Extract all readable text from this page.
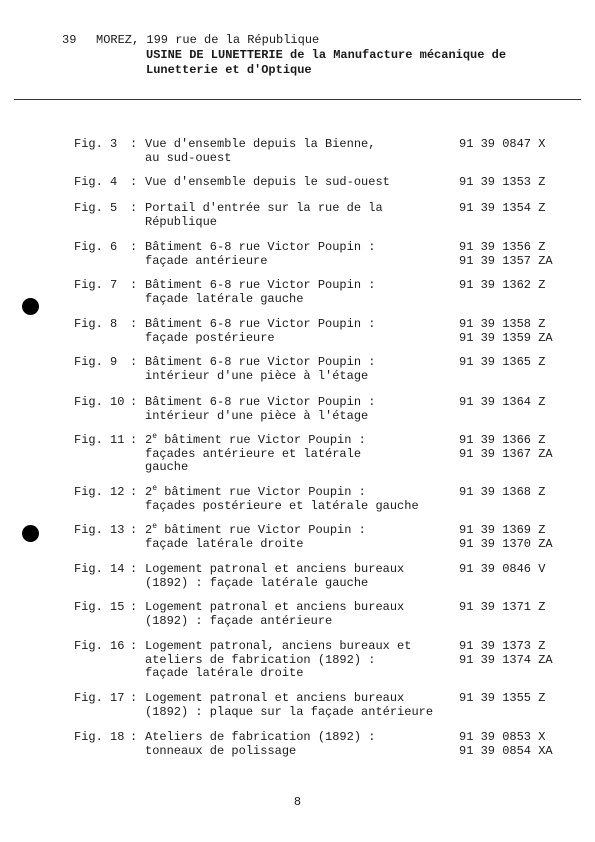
39 MOREZ, 199 rue de la République
USINE DE LUNETTERIE de la Manufacture mécanique de
Lunetterie et d'Optique
Fig. 3	: Vue d'ensemble depuis la Bienne,
au sud-ouest
91 39 0847 X
Fig. 4	: Vue d'ensemble depuis le sud-ouest	91 39 1353 Z
Fig. 5	: Portail d'entrée sur la rue de la
République
91 39 1354 Z
Fig. 6	: Bâtiment 6-8 rue Victor Poupin :
façade antérieure
91 39 1356 Z
91 39 1357 ZA
Fig. 7	: Bâtiment 6-8 rue Victor Poupin :
façade latérale gauche
91 39 1362 Z
Fig. 8	: Bâtiment 6-8 rue Victor Poupin :
façade postérieure
91 39 1358 Z
91 39 1359 ZA
Fig. 9	: Bâtiment 6-8 rue Victor Poupin :
intérieur d'une pièce à l'étage
91 39 1365 Z
Fig. 10 : Bâtiment 6-8 rue Victor Poupin :
intérieur d'une pièce à l'étage
91 39 1364 Z
Fig. 11 : 2e bâtiment rue Victor Poupin :
façades antérieure et latérale
gauche
91 39 1366 Z
91 39 1367 ZA
Fig. 12 : 2e bâtiment rue Victor Poupin :
façades postérieure et latérale gauche
91 39 1368 Z
Fig. 13 : 2e bâtiment rue Victor Poupin :
façade latérale droite
91 39 1369 Z
91 39 1370 ZA
Fig. 14 : Logement patronal et anciens bureaux
(1892) : façade latérale gauche
91 39 0846 V
Fig. 15 : Logement patronal et anciens bureaux
(1892) : façade antérieure
91 39 1371 Z
Fig. 16 : Logement patronal, anciens bureaux et
ateliers de fabrication (1892) :
façade latérale droite
91 39 1373 Z
91 39 1374 ZA
Fig. 17 : Logement patronal et anciens bureaux
(1892) : plaque sur la façade antérieure
91 39 1355 Z
Fig. 18 : Ateliers de fabrication (1892) :
tonneaux de polissage
91 39 0853 X
91 39 0854 XA
8
